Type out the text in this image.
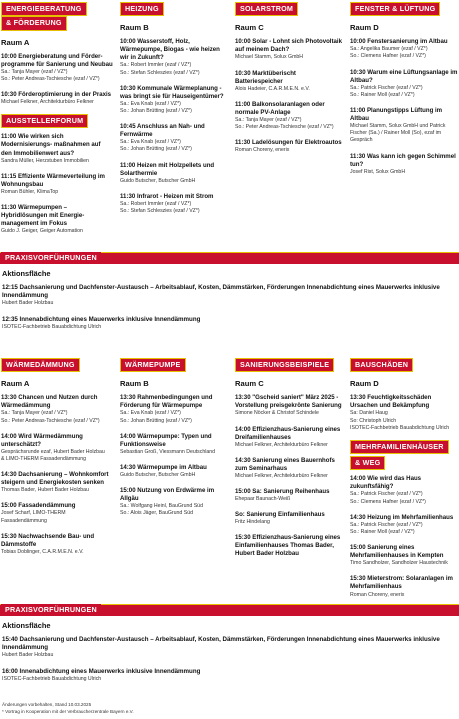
ENERGIEBERATUNG
& FÖRDERUNG
Raum A
10:00 Energieberatung und Förder-programme für Sanierung und Neubau
Sa.: Tanja Mayer (ezaf / VZ*)
So.: Peter Andreas-Tschiesche (ezaf / VZ*)
10:30 Förderoptimierung in der Praxis
Michael Felkner, Architekturbüro Felkner
AUSSTELLERFORUM
11:00 Wie wirken sich Modernisierungs- maßnahmen auf den Immobilienwert aus?
Sandra Müller, Herzstuben Immobilien
11:15 Effiziente Wärmeverteilung im Wohnungsbau
Roman Bühler, KlimaTop
11:30 Wärmepumpen – Hybridlösungen mit Energie-management im Fokus
Guido J. Geiger, Geiger Automation
HEIZUNG
Raum B
10:00 Wasserstoff, Holz, Wärmepumpe, Biogas - wie heizen wir in Zukunft?
Sa.: Robert Immler (ezaf / VZ*)
So.: Stefan Schleszies (ezaf / VZ*)
10:30 Kommunale Wärmeplanung - was bringt sie für Hauseigentümer?
Sa.: Eva Knab (ezaf / VZ*)
So.: Johan Brütting (ezaf / VZ*)
10:45 Anschluss an Nah- und Fernwärme
Sa.: Eva Knab (ezaf / VZ*)
So.: Johan Brütting (ezaf / VZ*)
11:00 Heizen mit Holzpellets und Solarthermie
Guido Butscher, Butscher GmbH
11:30 Infrarot - Heizen mit Strom
Sa.: Robert Immler (ezaf / VZ*)
So.: Stefan Schleszies (ezaf / VZ*)
SOLARSTROM
Raum C
10:00 Solar - Lohnt sich Photovoltaik auf meinem Dach?
Michael Stamm, Solux GmbH
10:30 Marktüberischt Batteriespeicher
Alois Hadeier, C.A.R.M.E.N. e.V.
11:00 Balkonsolaranlagen oder normale PV-Anlage
Sa.: Tanja Mayer (ezaf / VZ*)
So.: Peter Andreas-Tschiesche (ezaf / VZ*)
11:30 Ladelösungen für Elektroautos
Roman Choreny, enerix
FENSTER & LÜFTUNG
Raum D
10:00 Fenstersanierung im Altbau
Sa.: Angelika Baumer (ezaf / VZ*)
So.: Clemens Hafner (ezaf / VZ*)
10:30 Warum eine Lüftungsanlage im Altbau?
Sa.: Patrick Fischer (ezaf / VZ*)
So.: Rainer Moll (ezaf / VZ*)
11:00 Planungstipps Lüftung im Altbau
Michael Stamm, Solux GmbH und Patrick Fischer (Sa.) / Rainer Moll (So), ezaf im Gespräch
11:30 Was kann ich gegen Schimmel tun?
Josef Rist, Solux GmbH
PRAXISVORFÜHRUNGEN
Aktionsfläche
12:15 Dachsanierung und Dachfenster-Austausch – Arbeitsablauf, Kosten, Dämmstärken, Förderungen Innenabdichtung eines Mauerwerks inklusive Innendämmung
Hubert Bader Holzbau
12:35 Innenabdichtung eines Mauerwerks inklusive Innendämmung
ISOTEC-Fachbetrieb Bauabdichtung Ulrich
WÄRMEDÄMMUNG
Raum A
13:30 Chancen und Nutzen durch Wärmedämmung
Sa.: Tanja Mayer (ezaf / VZ*)
So.: Peter Andreas-Tschiesche (ezaf / VZ*)
14:00 Wird Wärmedämmung unterschätzt?
Gesprächsrunde ezaf, Hubert Bader Holzbau
& LIMO-THERM Fassadendämmung
14:30 Dachsanierung – Wohnkomfort steigern und Energiekosten senken
Thomas Bader, Hubert Bader Holzbau
15:00 Fassadendämmung
Josef Scharf, LIMO-THERM
Fassadendämmung
15:30 Nachwachsende Bau- und Dämmstoffe
Tobias Doblinger, C.A.R.M.E.N. e.V.
WÄRMEPUMPE
Raum B
13:30 Rahmenbedingungen und Förderung für Wärmepumpe
Sa.: Eva Knab (ezaf / VZ*)
So.: Johan Brütting (ezaf / VZ*)
14:00 Wärmepumpe: Typen und Funktionsweise
Sebastian Groß, Viessmann Deutschland
14:30 Wärmepumpe im Altbau
Guido Butscher, Butscher GmbH
15:00 Nutzung von Erdwärme im Allgäu
Sa.: Wolfgang Heinl, BauGrund Süd
So.: Alois Jäger, BauGrund Süd
SANIERUNGSBEISPIELE
Raum C
13:30 "Gscheid saniert" März 2025 - Vorstellung preisgekrönte Sanierung
Simone Nöcker & Christof Schindele
14:00 Effizienzhaus-Sanierung eines Dreifamilienhauses
Michael Felkner, Architekturbüro Felkner
14:30 Sanierung eines Bauernhofs zum Seminarhaus
Michael Felkner, Architekturbüro Felkner
15:00 Sa: Sanierung Reihenhaus
Ehepaar Baunach-Weiß
So: Sanierung Einfamilienhaus
Fritz Hindelang
15:30 Effizienzhaus-Sanierung eines Einfamilienhauses Thomas Bader, Hubert Bader Holzbau
BAUSCHÄDEN
Raum D
13:30 Feuchtigkeitsschäden Ursachen und Bekämpfung
Sa: Daniel Haug
So: Christoph Ulrich
ISOTEC-Fachbetrieb Bauabdichtung Ulrich
MEHRFAMILIENHÄUSER
& WEG
14:00 Wie wird das Haus zukunftsfähig?
Sa.: Patrick Fischer (ezaf / VZ*)
So.: Clemens Hafner (ezaf / VZ*)
14:30 Heizung im Mehrfamilienhaus
Sa.: Patrick Fischer (ezaf / VZ*)
So.: Rainer Moll (ezaf / VZ*)
15:00 Sanierung eines Mehrfamilienhauses in Kempten
Timo Sandholzer, Sandholzer Haustechnik
15:30 Mieterstrom: Solaranlagen im Mehrfamilienhaus
Roman Choreny, enerix
PRAXISVORFÜHRUNGEN
Aktionsfläche
15:40 Dachsanierung und Dachfenster-Austausch – Arbeitsablauf, Kosten, Dämmstärken, Förderungen Innenabdichtung eines Mauerwerks inklusive Innendämmung
Hubert Bader Holzbau
16:00 Innenabdichtung eines Mauerwerks inklusive Innendämmung
ISOTEC-Fachbetrieb Bauabdichtung Ulrich
Änderungen vorbehalten, Stand 10.03.2025
* Vortrag in Kooperation mit der Verbraucherzentrale Bayern e.V.
